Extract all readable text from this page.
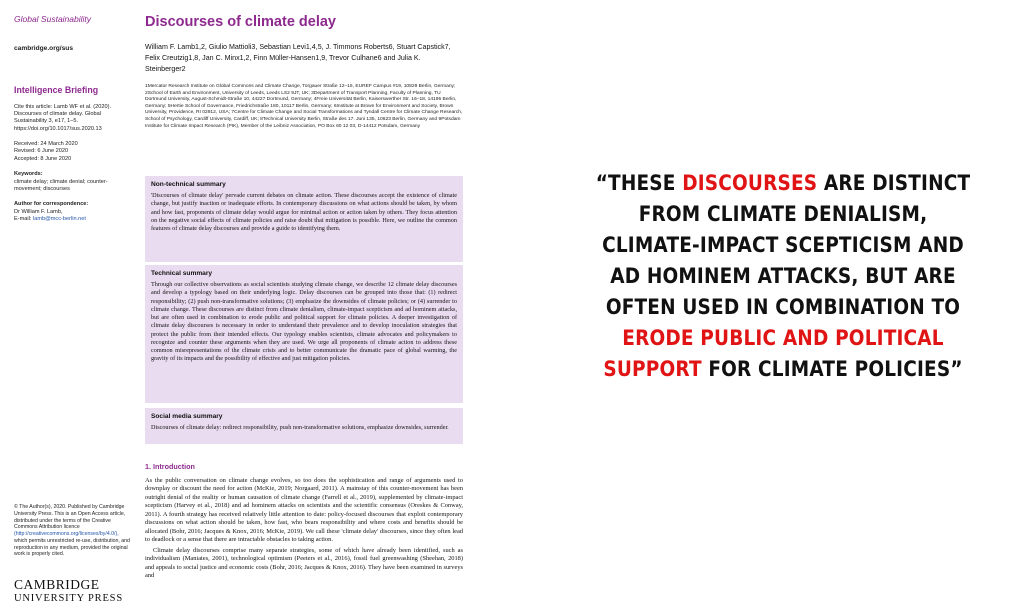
Global Sustainability
cambridge.org/sus
Intelligence Briefing
Cite this article: Lamb WF et al. (2020). Discourses of climate delay. Global Sustainability 3, e17, 1–5. https://doi.org/10.1017/sus.2020.13
Received: 24 March 2020
Revised: 6 June 2020
Accepted: 8 June 2020
Keywords:
climate delay; climate denial; counter-movement; discourses
Author for correspondence:
Dr William F. Lamb,
E-mail: lamb@mcc-berlin.net
© The Author(s), 2020. Published by Cambridge University Press. This is an Open Access article, distributed under the terms of the Creative Commons Attribution licence (http://creativecommons.org/licenses/by/4.0/), which permits unrestricted re-use, distribution, and reproduction in any medium, provided the original work is properly cited.
CAMBRIDGE
UNIVERSITY PRESS
Discourses of climate delay
William F. Lamb1,2, Giulio Mattioli3, Sebastian Levi1,4,5, J. Timmons Roberts6, Stuart Capstick7, Felix Creutzig1,8, Jan C. Minx1,2, Finn Müller-Hansen1,9, Trevor Culhane6 and Julia K. Steinberger2
1Mercator Research Institute on Global Commons and Climate Change, Torgauer Straße 12–15, EUREF Campus #19, 10829 Berlin, Germany; 2School of Earth and Environment, University of Leeds, Leeds LS2 9JT, UK; 3Department of Transport Planning, Faculty of Planning, TU Dortmund University, August-Schmidt-Straße 10, 44227 Dortmund, Germany; 4Freie Universität Berlin, Kaiserswerther Str. 16–18, 14195 Berlin, Germany; 5Hertie School of Governance, Friedrichstraße 180, 10117 Berlin, Germany; 6Institute at Brown for Environment and Society, Brown University, Providence, RI 02912, USA; 7Centre for Climate Change and Social Transformations and Tyndall Centre for Climate Change Research, School of Psychology, Cardiff University, Cardiff, UK; 8Technical University Berlin, Straße des 17. Juni 135, 10623 Berlin, Germany and 9Potsdam Institute for Climate Impact Research (PIK), Member of the Leibniz Association, PO Box 60 12 03, D-14412 Potsdam, Germany
Non-technical summary

'Discourses of climate delay' pervade current debates on climate action. These discourses accept the existence of climate change, but justify inaction or inadequate efforts. In contemporary discussions on what actions should be taken, by whom and how fast, proponents of climate delay would argue for minimal action or action taken by others. They focus attention on the negative social effects of climate policies and raise doubt that mitigation is possible. Here, we outline the common features of climate delay discourses and provide a guide to identifying them.

Technical summary

Through our collective observations as social scientists studying climate change, we describe 12 climate delay discourses and develop a typology based on their underlying logic. Delay discourses can be grouped into those that: (1) redirect responsibility; (2) push non-transformative solutions; (3) emphasize the downsides of climate policies; or (4) surrender to climate change. These discourses are distinct from climate denialism, climate-impact scepticism and ad hominem attacks, but are often used in combination to erode public and political support for climate policies. A deeper investigation of climate delay discourses is necessary in order to understand their prevalence and to develop inoculation strategies that protect the public from their intended effects. Our typology enables scientists, climate advocates and policymakers to recognize and counter these arguments when they are used. We urge all proponents of climate action to address these common misrepresentations of the climate crisis and to better communicate the dramatic pace of global warming, the gravity of its impacts and the possibility of effective and just mitigation policies.

Social media summary

Discourses of climate delay: redirect responsibility, push non-transformative solutions, emphasize downsides, surrender.

1. Introduction

As the public conversation on climate change evolves, so too does the sophistication and range of arguments used to downplay or discount the need for action (McKie, 2019; Norgaard, 2011). A mainstay of this counter-movement has been outright denial of the reality or human causation of climate change (Farrell et al., 2019), supplemented by climate-impact scepticism (Harvey et al., 2018) and ad hominem attacks on scientists and the scientific consensus (Oreskes & Conway, 2011). A fourth strategy has received relatively little attention to date: policy-focused discourses that exploit contemporary discussions on what action should be taken, how fast, who bears responsibility and where costs and benefits should be allocated (Bohr, 2016; Jacques & Knox, 2016; McKie, 2019). We call these 'climate delay' discourses, since they often lead to deadlock or a sense that there are intractable obstacles to taking action.

Climate delay discourses comprise many separate strategies, some of which have already been identified, such as individualism (Maniates, 2001), technological optimism (Peeters et al., 2016), fossil fuel greenwashing (Sheehan, 2018) and appeals to social justice and economic costs (Bohr, 2016; Jacques & Knox, 2016). They have been examined in surveys and

“THESE DISCOURSES ARE DISTINCT FROM CLIMATE DENIALISM, CLIMATE-IMPACT SCEPTICISM AND AD HOMINEM ATTACKS, BUT ARE OFTEN USED IN COMBINATION TO ERODE PUBLIC AND POLITICAL SUPPORT FOR CLIMATE POLICIES”
